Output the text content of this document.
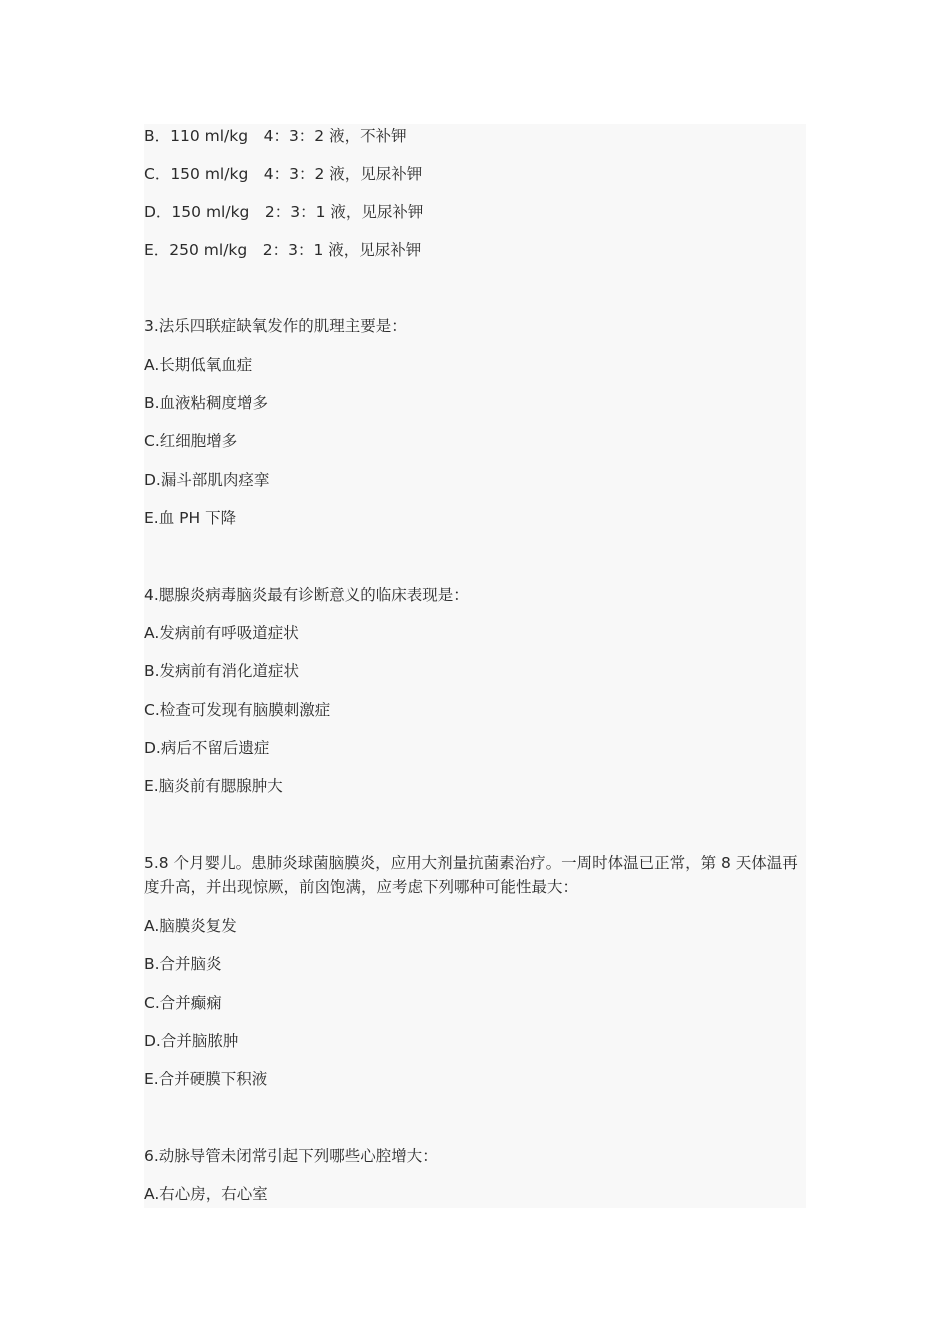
B．110 ml/kg　4：3：2 液，不补钾
C．150 ml/kg　4：3：2 液，见尿补钾
D．150 ml/kg　2：3：1 液，见尿补钾
E．250 ml/kg　2：3：1 液，见尿补钾
3.法乐四联症缺氧发作的肌理主要是：
A.长期低氧血症
B.血液粘稠度增多
C.红细胞增多
D.漏斗部肌肉痉挛
E.血 PH 下降
4.腮腺炎病毒脑炎最有诊断意义的临床表现是：
A.发病前有呼吸道症状
B.发病前有消化道症状
C.检查可发现有脑膜刺激症
D.病后不留后遗症
E.脑炎前有腮腺肿大
5.8 个月婴儿。患肺炎球菌脑膜炎，应用大剂量抗菌素治疗。一周时体温已正常，第 8 天体温再度升高，并出现惊厥，前囟饱满，应考虑下列哪种可能性最大：
A.脑膜炎复发
B.合并脑炎
C.合并癫痫
D.合并脑脓肿
E.合并硬膜下积液
6.动脉导管未闭常引起下列哪些心腔增大：
A.右心房，右心室
